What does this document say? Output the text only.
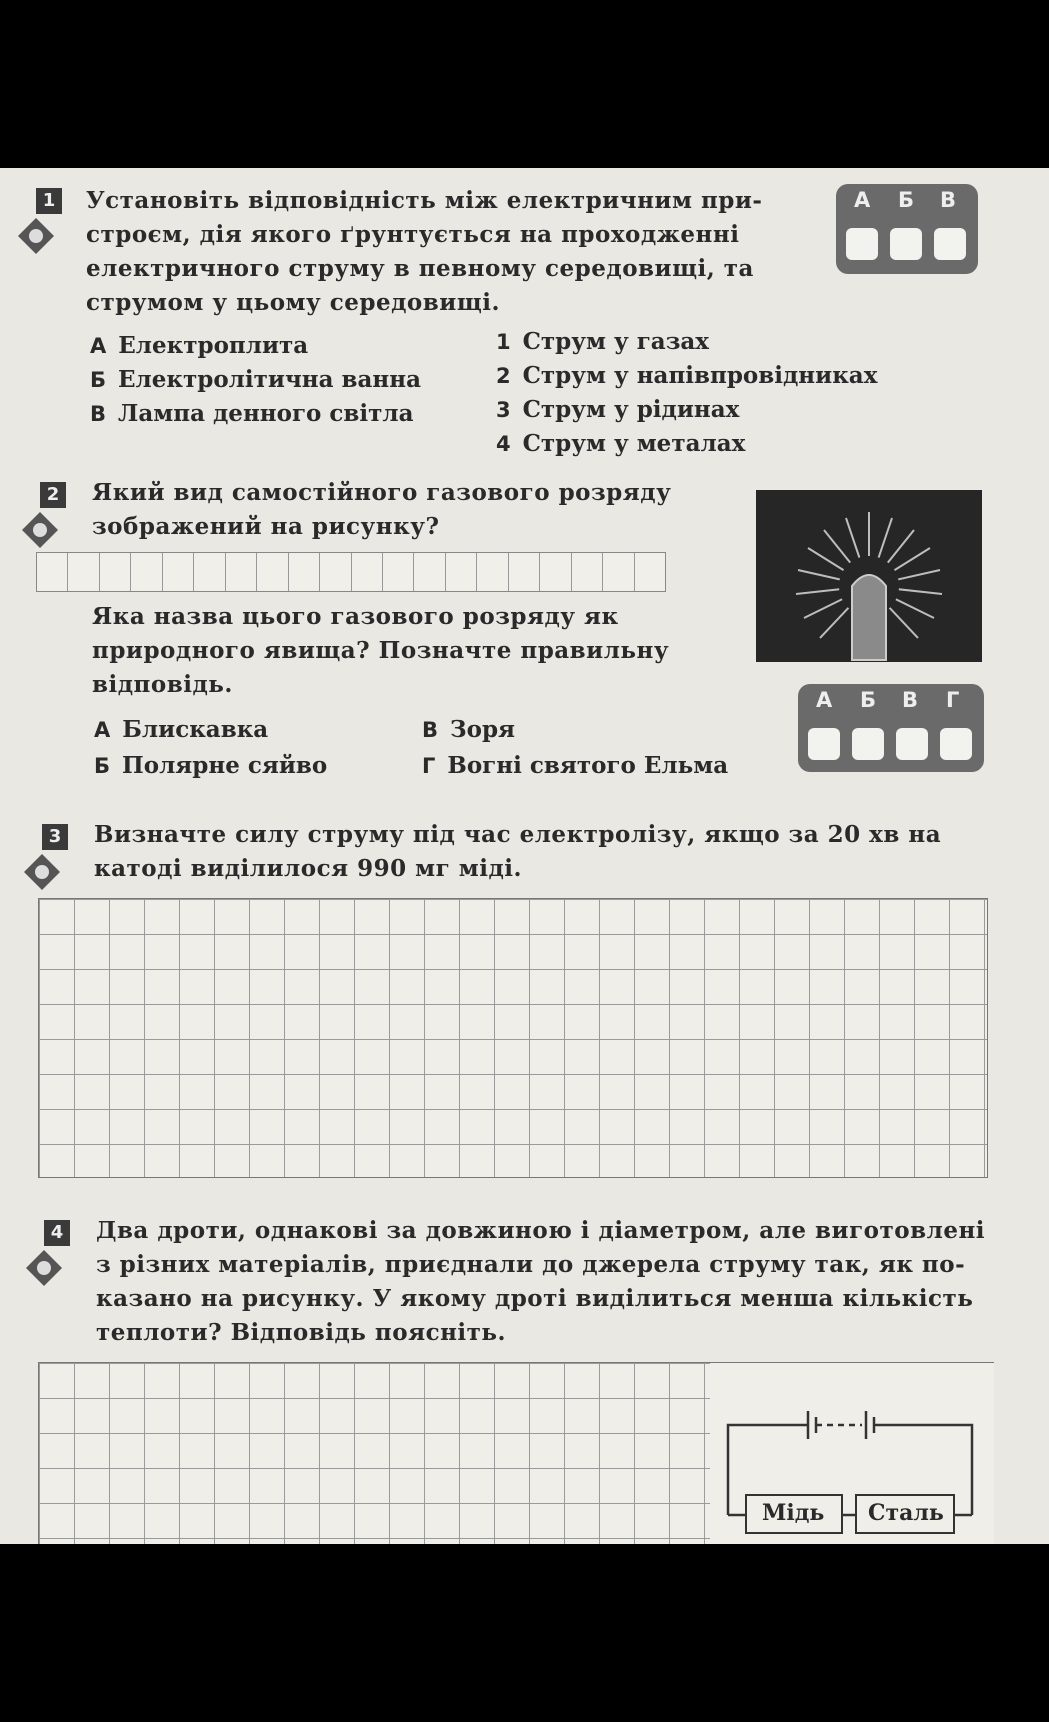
1 Установіть відповідність між електричним при-
строєм, дія якого ґрунтується на проходженні
електричного струму в певному середовищі, та
струмом у цьому середовищі.
А Б В
А Електроплита
Б Електролітична ванна
В Лампа денного світла
1 Струм у газах
2 Струм у напівпровідниках
3 Струм у рідинах
4 Струм у металах
2 Який вид самостійного газового розряду
зображений на рисунку?
Яка назва цього газового розряду як
природного явища? Позначте правильну
відповідь.
А Блискавка
Б Полярне сяйво
В Зоря
Г Вогні святого Ельма
А Б В Г
3 Визначте силу струму під час електролізу, якщо за 20 хв на
катоді виділилося 990 мг міді.
4 Два дроти, однакові за довжиною і діаметром, але виготовлені
з різних матеріалів, приєднали до джерела струму так, як по-
казано на рисунку. У якому дроті виділиться менша кількість
теплоти? Відповідь поясніть.
Мідь Сталь
